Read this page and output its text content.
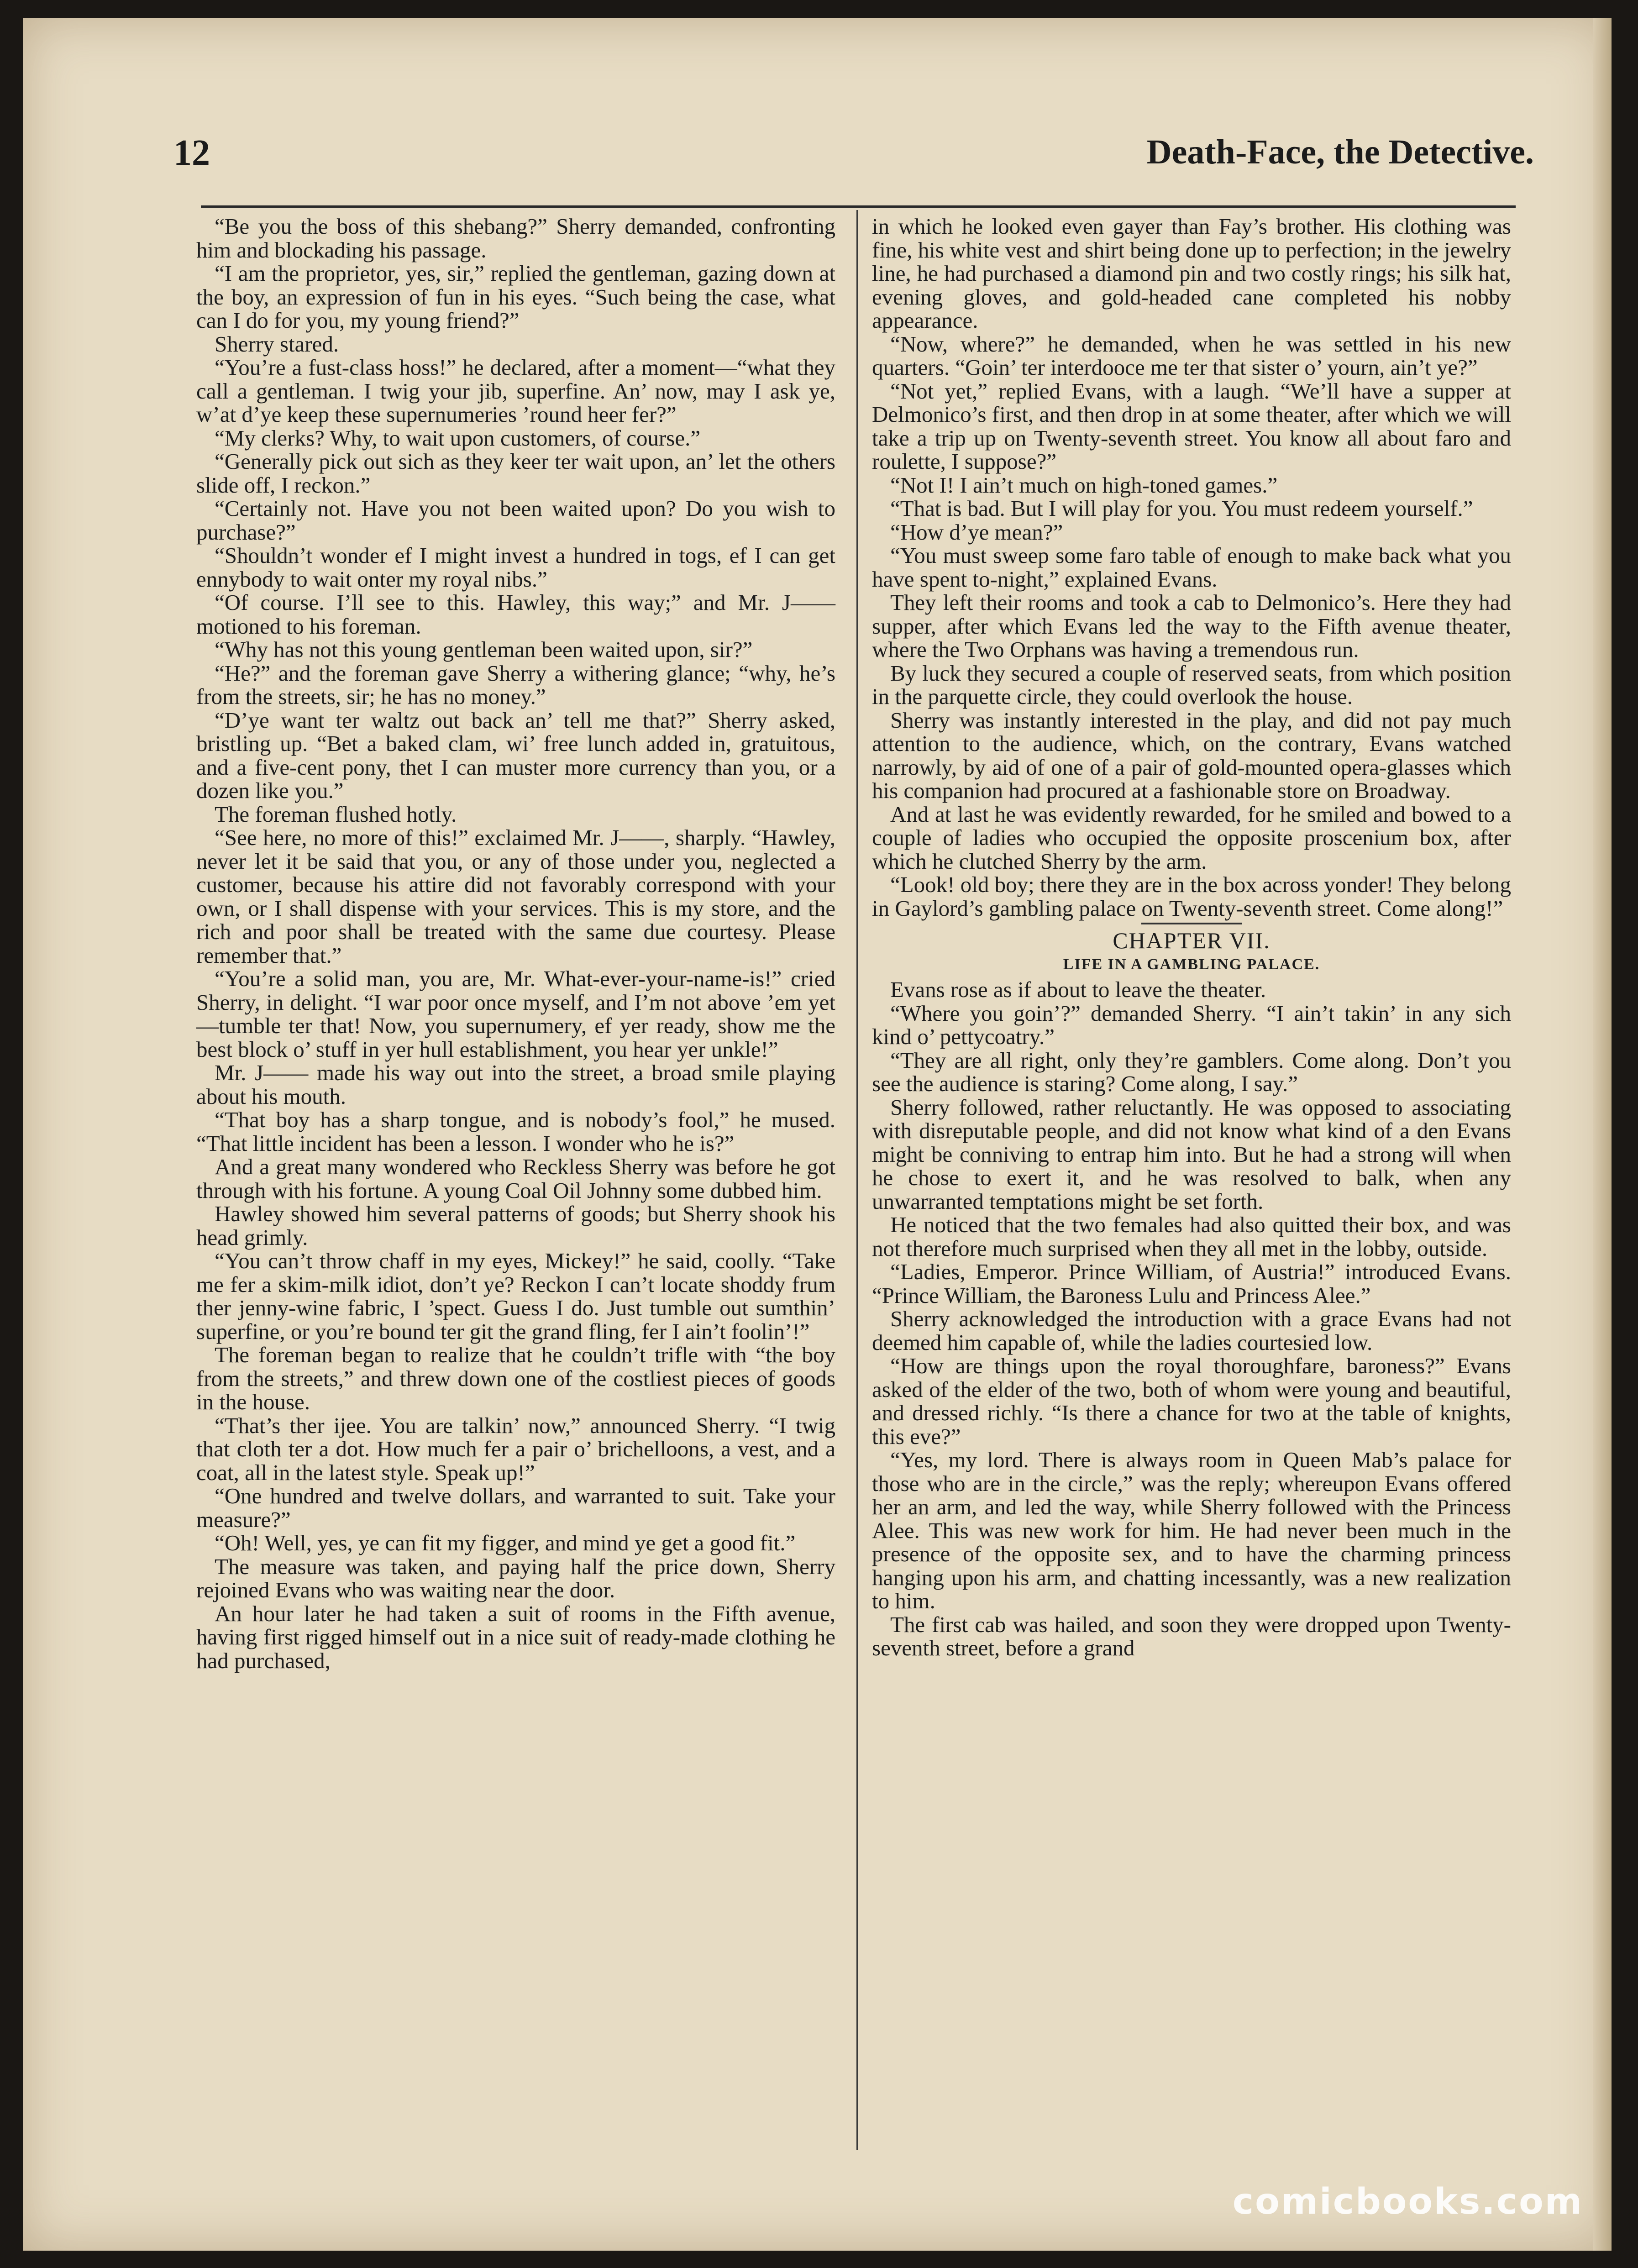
12	Death-Face, the Detective.

“Be you the boss of this shebang?” Sherry demanded, confronting him and blockading his passage.

“I am the proprietor, yes, sir,” replied the gentleman, gazing down at the boy, an expression of fun in his eyes. “Such being the case, what can I do for you, my young friend?”

Sherry stared.

“You’re a fust-class hoss!” he declared, after a moment—“what they call a gentleman. I twig your jib, superfine. An’ now, may I ask ye, w’at d’ye keep these supernumeries ’round heer fer?”

“My clerks? Why, to wait upon customers, of course.”

“Generally pick out sich as they keer ter wait upon, an’ let the others slide off, I reckon.”

“Certainly not. Have you not been waited upon? Do you wish to purchase?”

“Shouldn’t wonder ef I might invest a hundred in togs, ef I can get ennybody to wait onter my royal nibs.”

“Of course. I’ll see to this. Hawley, this way;” and Mr. J—— motioned to his foreman.

“Why has not this young gentleman been waited upon, sir?”

“He?” and the foreman gave Sherry a withering glance; “why, he’s from the streets, sir; he has no money.”

“D’ye want ter waltz out back an’ tell me that?” Sherry asked, bristling up. “Bet a baked clam, wi’ free lunch added in, gratuitous, and a five-cent pony, thet I can muster more currency than you, or a dozen like you.”

The foreman flushed hotly.

“See here, no more of this!” exclaimed Mr. J——, sharply. “Hawley, never let it be said that you, or any of those under you, neglected a customer, because his attire did not favorably correspond with your own, or I shall dispense with your services. This is my store, and the rich and poor shall be treated with the same due courtesy. Please remember that.”

“You’re a solid man, you are, Mr. What-ever-your-name-is!” cried Sherry, in delight. “I war poor once myself, and I’m not above ’em yet—tumble ter that! Now, you supernumery, ef yer ready, show me the best block o’ stuff in yer hull establishment, you hear yer unkle!”

Mr. J—— made his way out into the street, a broad smile playing about his mouth.

“That boy has a sharp tongue, and is nobody’s fool,” he mused. “That little incident has been a lesson. I wonder who he is?”

And a great many wondered who Reckless Sherry was before he got through with his fortune. A young Coal Oil Johnny some dubbed him.

Hawley showed him several patterns of goods; but Sherry shook his head grimly.

“You can’t throw chaff in my eyes, Mickey!” he said, coolly. “Take me fer a skim-milk idiot, don’t ye? Reckon I can’t locate shoddy frum ther jenny-wine fabric, I ’spect. Guess I do. Just tumble out sumthin’ superfine, or you’re bound ter git the grand fling, fer I ain’t foolin’!”

The foreman began to realize that he couldn’t trifle with “the boy from the streets,” and threw down one of the costliest pieces of goods in the house.

“That’s ther ijee. You are talkin’ now,” announced Sherry. “I twig that cloth ter a dot. How much fer a pair o’ brichelloons, a vest, and a coat, all in the latest style. Speak up!”

“One hundred and twelve dollars, and warranted to suit. Take your measure?”

“Oh! Well, yes, ye can fit my figger, and mind ye get a good fit.”

The measure was taken, and paying half the price down, Sherry rejoined Evans who was waiting near the door.

An hour later he had taken a suit of rooms in the Fifth avenue, having first rigged himself out in a nice suit of ready-made clothing he had purchased,

in which he looked even gayer than Fay’s brother. His clothing was fine, his white vest and shirt being done up to perfection; in the jewelry line, he had purchased a diamond pin and two costly rings; his silk hat, evening gloves, and gold-headed cane completed his nobby appearance.

“Now, where?” he demanded, when he was settled in his new quarters. “Goin’ ter interdooce me ter that sister o’ yourn, ain’t ye?”

“Not yet,” replied Evans, with a laugh. “We’ll have a supper at Delmonico’s first, and then drop in at some theater, after which we will take a trip up on Twenty-seventh street. You know all about faro and roulette, I suppose?”

“Not I! I ain’t much on high-toned games.”

“That is bad. But I will play for you. You must redeem yourself.”

“How d’ye mean?”

“You must sweep some faro table of enough to make back what you have spent to-night,” explained Evans.

They left their rooms and took a cab to Delmonico’s. Here they had supper, after which Evans led the way to the Fifth avenue theater, where the Two Orphans was having a tremendous run.

By luck they secured a couple of reserved seats, from which position in the parquette circle, they could overlook the house.

Sherry was instantly interested in the play, and did not pay much attention to the audience, which, on the contrary, Evans watched narrowly, by aid of one of a pair of gold-mounted opera-glasses which his companion had procured at a fashionable store on Broadway.

And at last he was evidently rewarded, for he smiled and bowed to a couple of ladies who occupied the opposite proscenium box, after which he clutched Sherry by the arm.

“Look! old boy; there they are in the box across yonder! They belong in Gaylord’s gambling palace on Twenty-seventh street. Come along!”

CHAPTER VII.
LIFE IN A GAMBLING PALACE.

Evans rose as if about to leave the theater.

“Where you goin’?” demanded Sherry. “I ain’t takin’ in any sich kind o’ pettycoatry.”

“They are all right, only they’re gamblers. Come along. Don’t you see the audience is staring? Come along, I say.”

Sherry followed, rather reluctantly. He was opposed to associating with disreputable people, and did not know what kind of a den Evans might be conniving to entrap him into. But he had a strong will when he chose to exert it, and he was resolved to balk, when any unwarranted temptations might be set forth.

He noticed that the two females had also quitted their box, and was not therefore much surprised when they all met in the lobby, outside.

“Ladies, Emperor. Prince William, of Austria!” introduced Evans. “Prince William, the Baroness Lulu and Princess Alee.”

Sherry acknowledged the introduction with a grace Evans had not deemed him capable of, while the ladies courtesied low.

“How are things upon the royal thoroughfare, baroness?” Evans asked of the elder of the two, both of whom were young and beautiful, and dressed richly. “Is there a chance for two at the table of knights, this eve?”

“Yes, my lord. There is always room in Queen Mab’s palace for those who are in the circle,” was the reply; whereupon Evans offered her an arm, and led the way, while Sherry followed with the Princess Alee. This was new work for him. He had never been much in the presence of the opposite sex, and to have the charming princess hanging upon his arm, and chatting incessantly, was a new realization to him.

The first cab was hailed, and soon they were dropped upon Twenty-seventh street, before a grand

comicbooks.com
